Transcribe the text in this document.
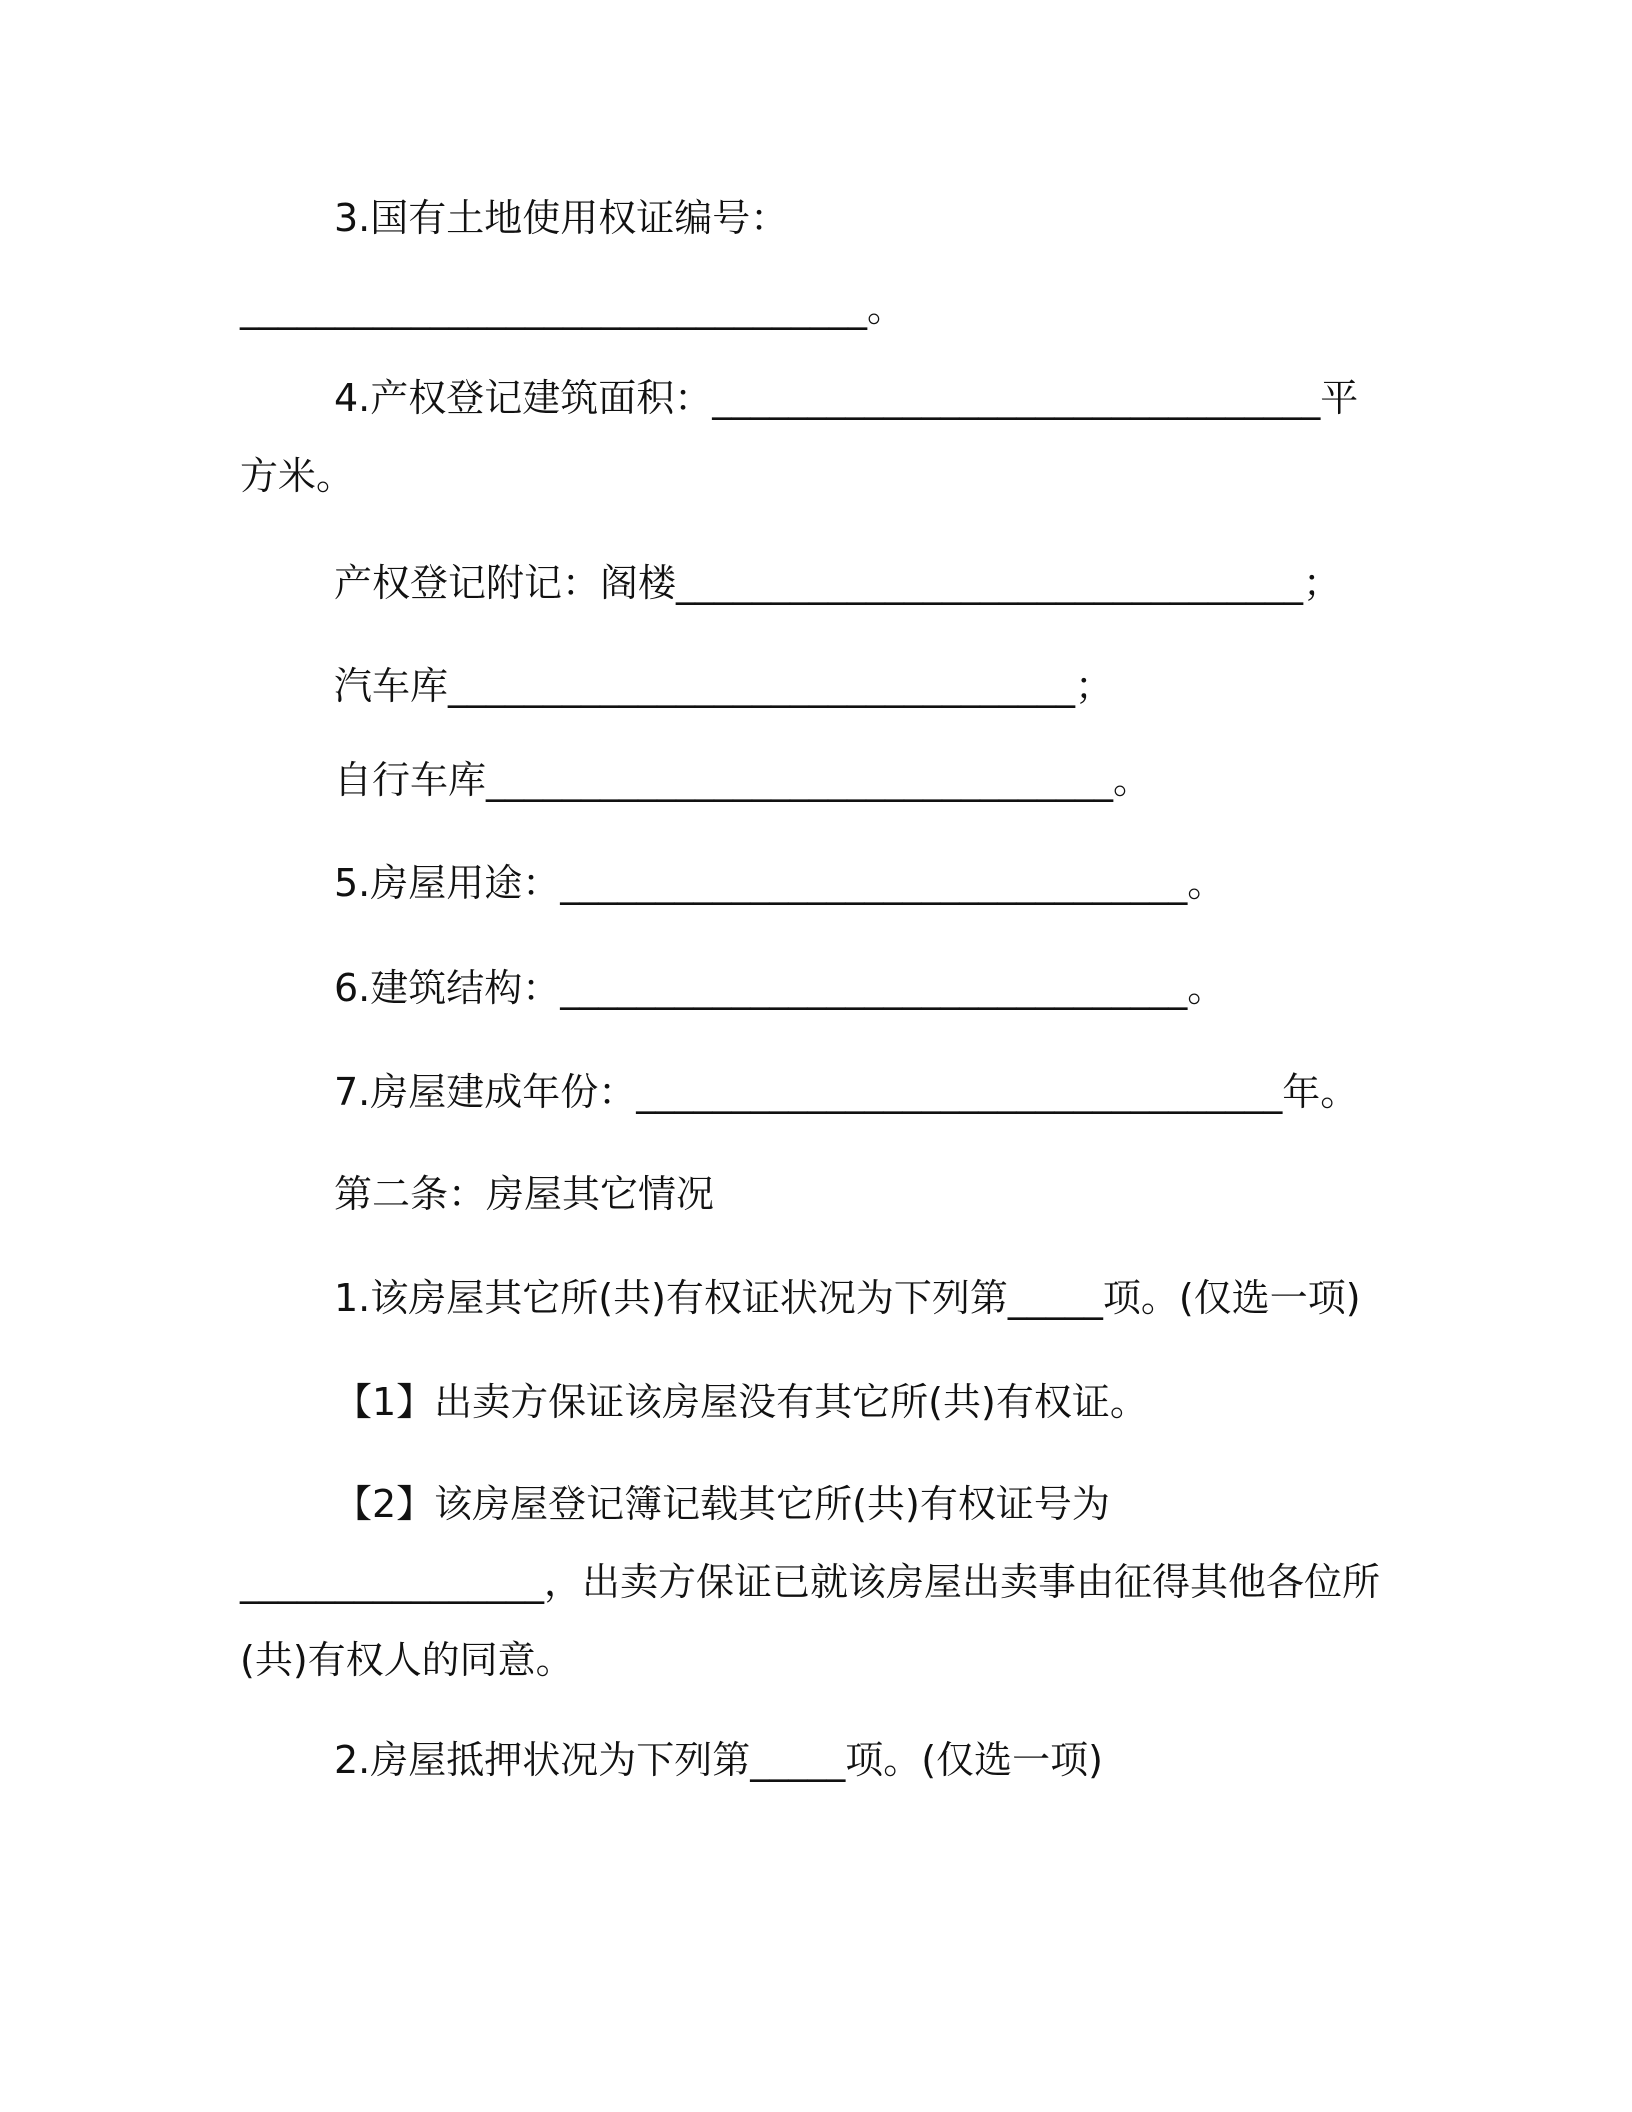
3.国有土地使用权证编号：
_________________________________。
4.产权登记建筑面积：________________________________平
方米。
产权登记附记：阁楼_________________________________；
汽车库_________________________________；
自行车库_________________________________。
5.房屋用途：_________________________________。
6.建筑结构：_________________________________。
7.房屋建成年份：__________________________________年。
第二条：房屋其它情况
1.该房屋其它所(共)有权证状况为下列第_____项。(仅选一项)
【1】出卖方保证该房屋没有其它所(共)有权证。
【2】该房屋登记簿记载其它所(共)有权证号为
________________，出卖方保证已就该房屋出卖事由征得其他各位所
(共)有权人的同意。
2.房屋抵押状况为下列第_____项。(仅选一项)
